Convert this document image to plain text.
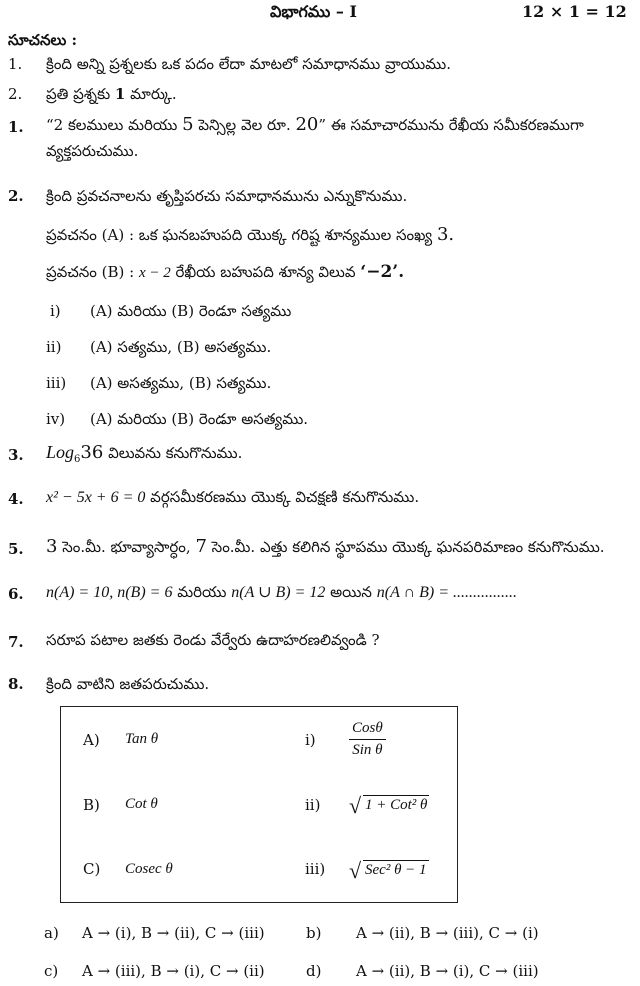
విభాగము – I	12 × 1 = 12
సూచనలు :
1. క్రింది అన్ని ప్రశ్నలకు ఒక పదం లేదా మాటలో సమాధానము వ్రాయుము.
2. ప్రతి ప్రశ్నకు 1 మార్కు.
1. “2 కలములు మరియు 5 పెన్సిల్ల వెల రూ. 20” ఈ సమాచారమును రేఖీయ సమీకరణముగా
వ్యక్తపరుచుము.
2. క్రింది ప్రవచనాలను తృప్తిపరచు సమాధానమును ఎన్నుకొనుము.
ప్రవచనం (A) : ఒక ఘనబహుపది యొక్క గరిష్ట శూన్యముల సంఖ్య 3.
ప్రవచనం (B) : x − 2 రేఖీయ బహుపది శూన్య విలువ ‘−2’.
i) (A) మరియు (B) రెండూ సత్యము
ii) (A) సత్యము, (B) అసత్యము.
iii) (A) అసత్యము, (B) సత్యము.
iv) (A) మరియు (B) రెండూ అసత్యము.
3. Log$_6$36 విలువను కనుగొనుము.
4. x² − 5x + 6 = 0 వర్గసమీకరణము యొక్క విచక్షణి కనుగొనుము.
5. 3 సెం.మీ. భూవ్యాసార్ధం, 7 సెం.మీ. ఎత్తు కలిగిన స్థూపము యొక్క ఘనపరిమాణం కనుగొనుము.
6. n(A) = 10, n(B) = 6 మరియు n(A ∪ B) = 12 అయిన n(A ∩ B) = ................
7. సరూప పటాల జతకు రెండు వేర్వేరు ఉదాహరణలివ్వండి ?
8. క్రింది వాటిని జతపరుచుము.
A)	Tan θ	i)	$\frac{\text{Cosθ}}{\text{Sin θ}}$

B)	Cot θ	ii)	√ 1 + Cot² θ
C)	Cosec θ	iii)	√ Sec² θ − 1
a) A → (i), B → (ii), C → (iii)	b) A → (ii), B → (iii), C → (i)
c) A → (iii), B → (i), C → (ii)	d) A → (ii), B → (i), C → (iii)
